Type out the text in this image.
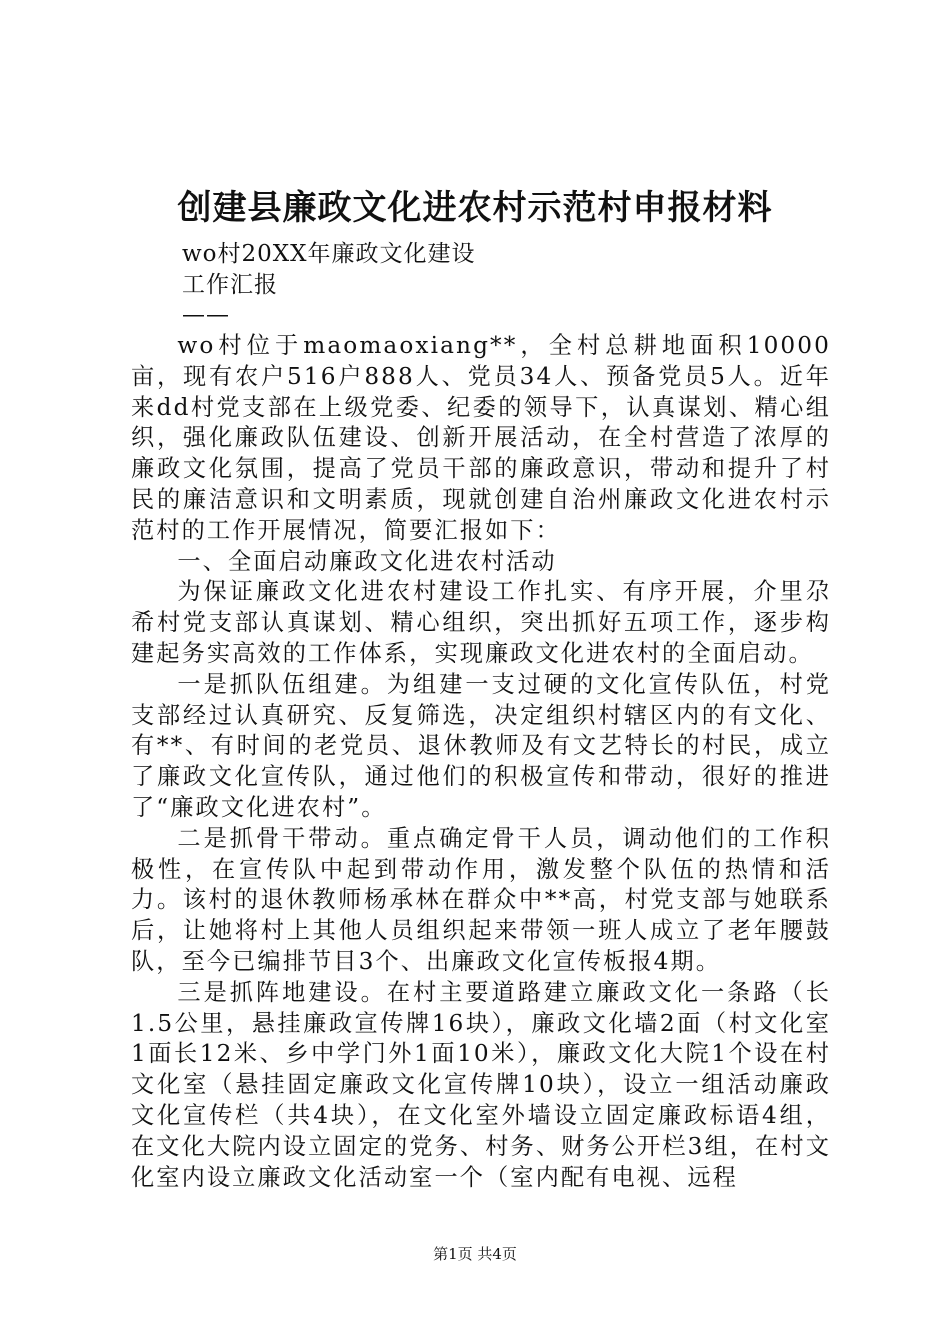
创建县廉政文化进农村示范村申报材料
wo村20XX年廉政文化建设
工作汇报
——

wo村位于maomaoxiang**，全村总耕地面积10000亩，现有农户516户888人、党员34人、预备党员5人。近年来dd村党支部在上级党委、纪委的领导下，认真谋划、精心组织，强化廉政队伍建设、创新开展活动，在全村营造了浓厚的廉政文化氛围，提高了党员干部的廉政意识，带动和提升了村民的廉洁意识和文明素质，现就创建自治州廉政文化进农村示范村的工作开展情况，简要汇报如下：

一、全面启动廉政文化进农村活动

为保证廉政文化进农村建设工作扎实、有序开展，介里尕希村党支部认真谋划、精心组织，突出抓好五项工作，逐步构建起务实高效的工作体系，实现廉政文化进农村的全面启动。

一是抓队伍组建。为组建一支过硬的文化宣传队伍，村党支部经过认真研究、反复筛选，决定组织村辖区内的有文化、有**、有时间的老党员、退休教师及有文艺特长的村民，成立了廉政文化宣传队，通过他们的积极宣传和带动，很好的推进了“廉政文化进农村”。

二是抓骨干带动。重点确定骨干人员，调动他们的工作积极性，在宣传队中起到带动作用，激发整个队伍的热情和活力。该村的退休教师杨承林在群众中**高，村党支部与她联系后，让她将村上其他人员组织起来带领一班人成立了老年腰鼓队，至今已编排节目3个、出廉政文化宣传板报4期。

三是抓阵地建设。在村主要道路建立廉政文化一条路（长1.5公里，悬挂廉政宣传牌16块），廉政文化墙2面（村文化室1面长12米、乡中学门外1面10米），廉政文化大院1个设在村文化室（悬挂固定廉政文化宣传牌10块），设立一组活动廉政文化宣传栏（共4块），在文化室外墙设立固定廉政标语4组，在文化大院内设立固定的党务、村务、财务公开栏3组，在村文化室内设立廉政文化活动室一个（室内配有电视、远程

第1页 共4页
